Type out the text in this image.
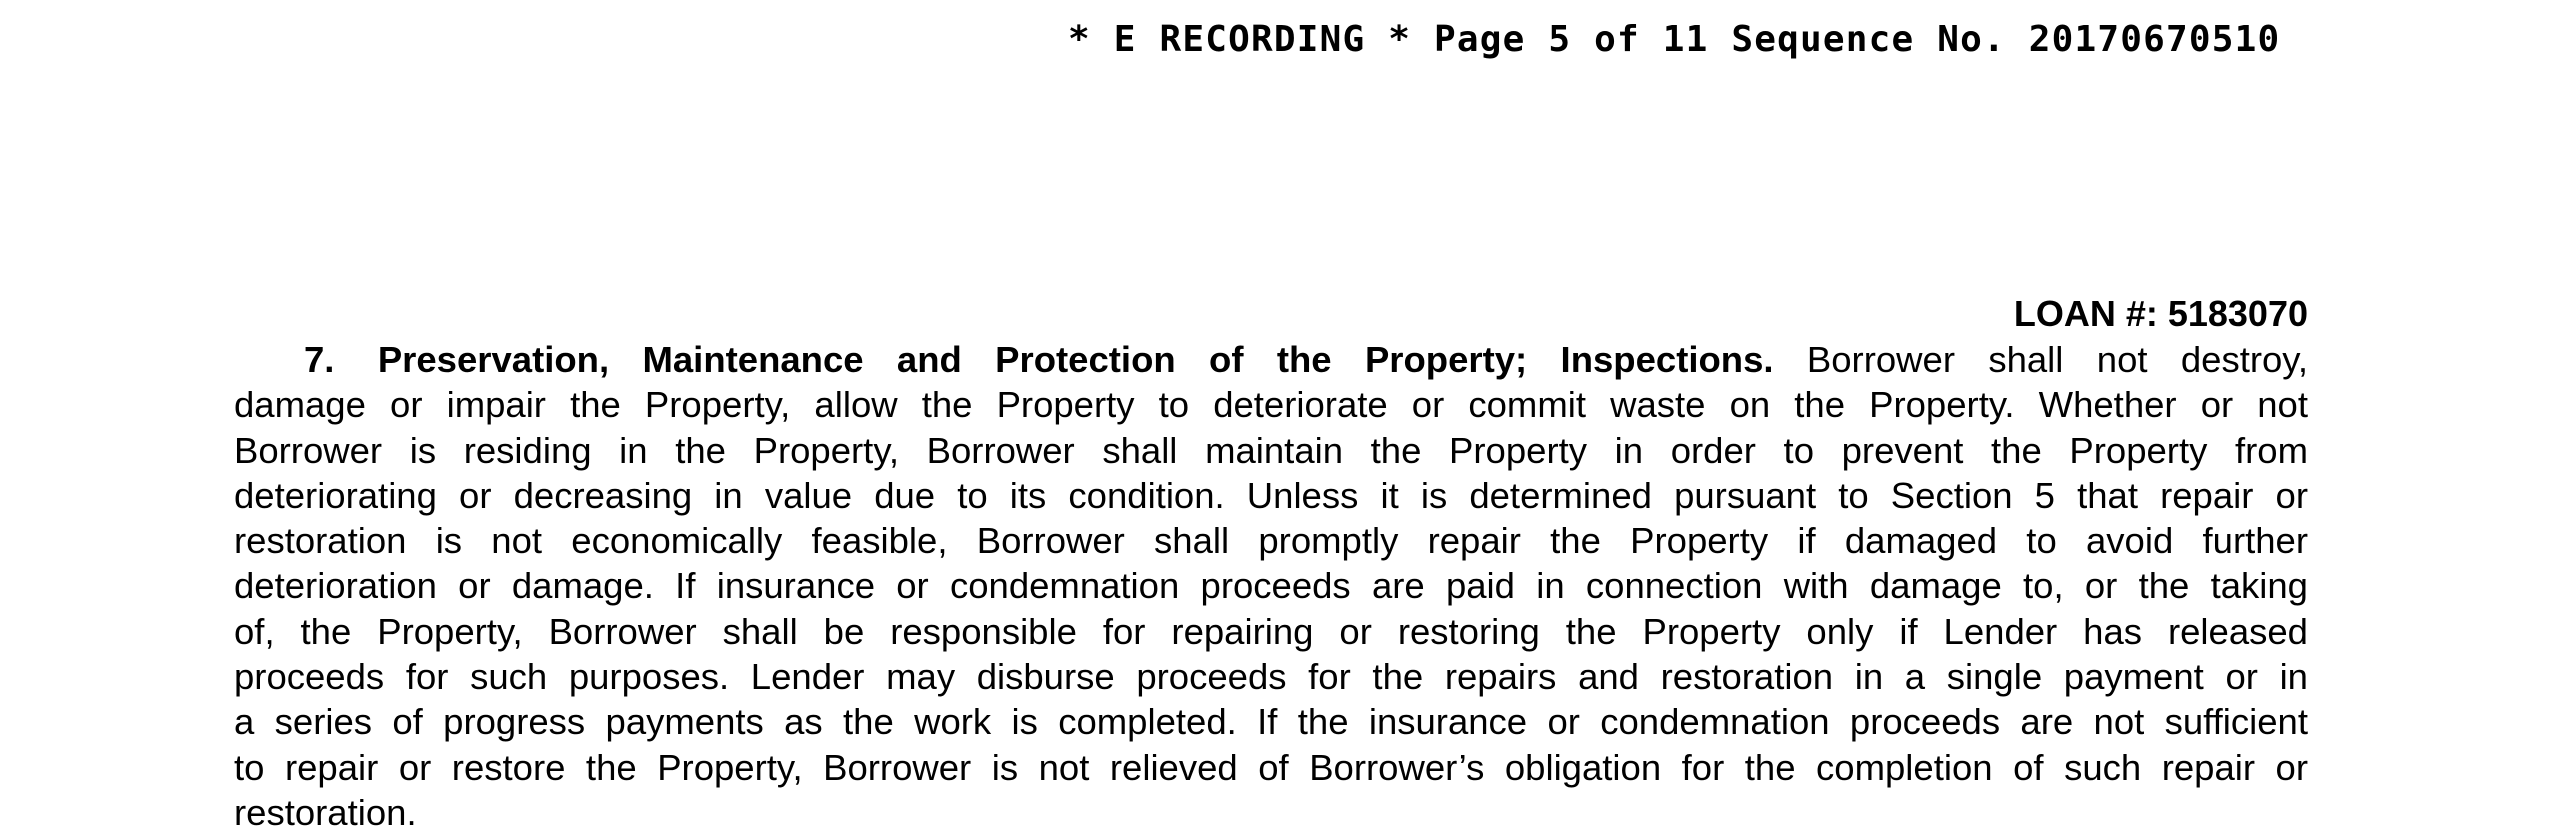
* E RECORDING * Page 5 of 11 Sequence No. 20170670510
LOAN #: 5183070
7. Preservation, Maintenance and Protection of the Property; Inspections. Borrower shall not destroy,
damage or impair the Property, allow the Property to deteriorate or commit waste on the Property. Whether or not
Borrower is residing in the Property, Borrower shall maintain the Property in order to prevent the Property from
deteriorating or decreasing in value due to its condition. Unless it is determined pursuant to Section 5 that repair or
restoration is not economically feasible, Borrower shall promptly repair the Property if damaged to avoid further
deterioration or damage. If insurance or condemnation proceeds are paid in connection with damage to, or the taking
of, the Property, Borrower shall be responsible for repairing or restoring the Property only if Lender has released
proceeds for such purposes. Lender may disburse proceeds for the repairs and restoration in a single payment or in
a series of progress payments as the work is completed. If the insurance or condemnation proceeds are not sufficient
to repair or restore the Property, Borrower is not relieved of Borrower’s obligation for the completion of such repair or
restoration.
